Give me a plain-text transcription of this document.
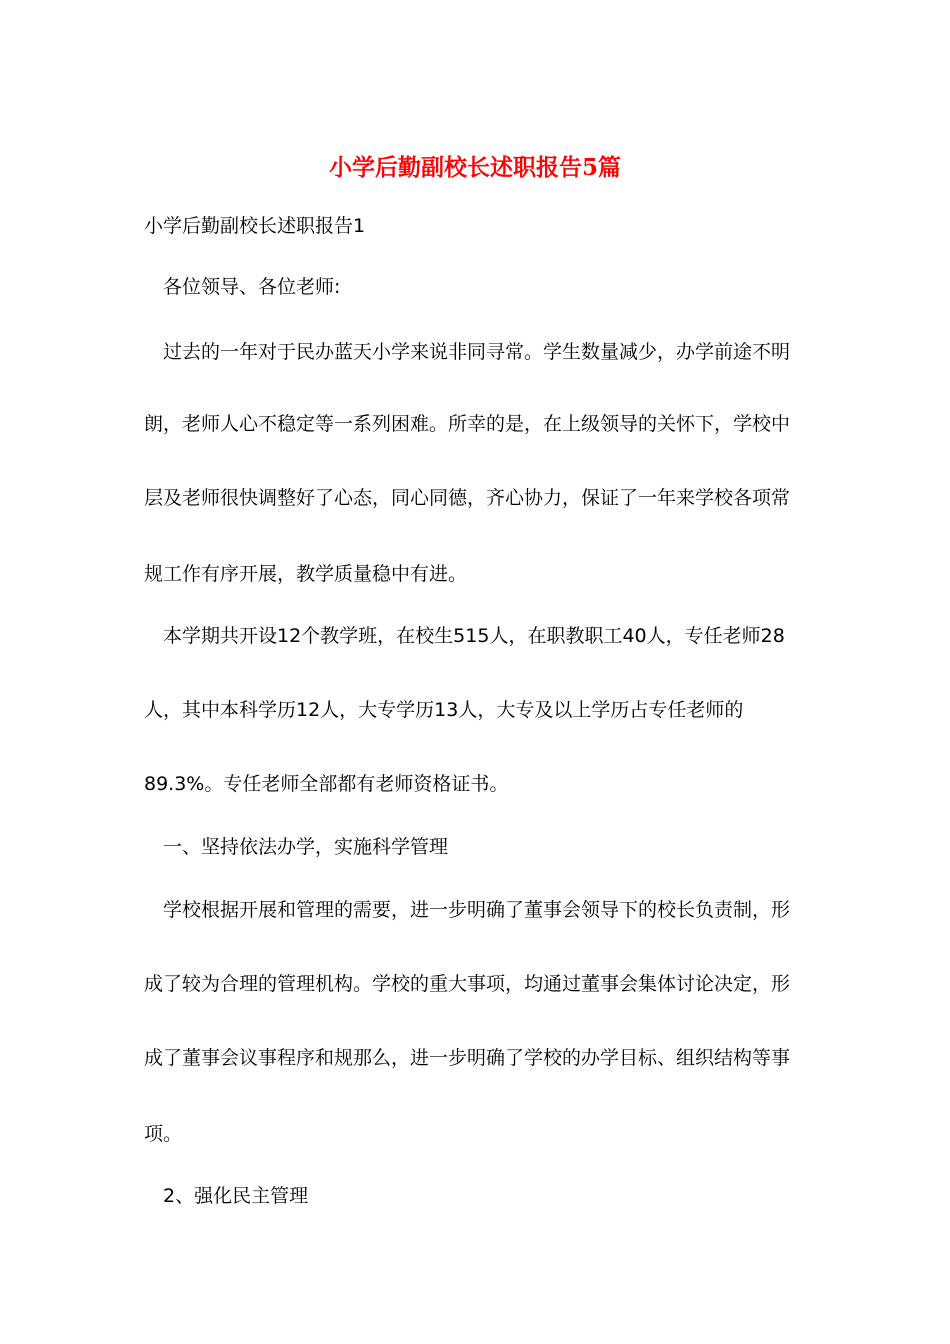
小学后勤副校长述职报告5篇
小学后勤副校长述职报告1
各位领导、各位老师:
过去的一年对于民办蓝天小学来说非同寻常。学生数量减少，办学前途不明
朗，老师人心不稳定等一系列困难。所幸的是，在上级领导的关怀下，学校中
层及老师很快调整好了心态，同心同德，齐心协力，保证了一年来学校各项常
规工作有序开展，教学质量稳中有进。
本学期共开设12个教学班，在校生515人，在职教职工40人，专任老师28
人，其中本科学历12人，大专学历13人，大专及以上学历占专任老师的
89.3%。专任老师全部都有老师资格证书。
一、坚持依法办学，实施科学管理
学校根据开展和管理的需要，进一步明确了董事会领导下的校长负责制，形
成了较为合理的管理机构。学校的重大事项，均通过董事会集体讨论决定，形
成了董事会议事程序和规那么，进一步明确了学校的办学目标、组织结构等事
项。
2、强化民主管理
